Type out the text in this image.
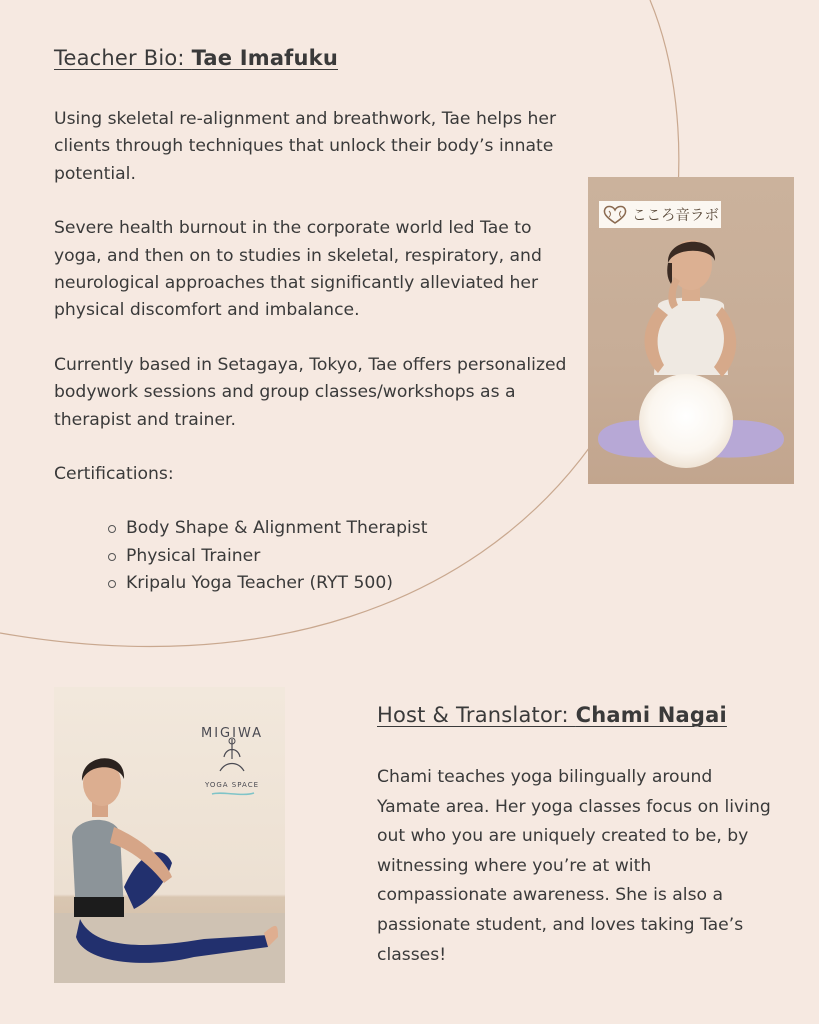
Teacher Bio: Tae Imafuku

Using skeletal re-alignment and breathwork, Tae helps her clients through techniques that unlock their body’s innate potential.

Severe health burnout in the corporate world led Tae to yoga, and then on to studies in skeletal, respiratory, and neurological approaches that significantly alleviated her physical discomfort and imbalance.

Currently based in Setagaya, Tokyo, Tae offers personalized bodywork sessions and group classes/workshops as a therapist and trainer.

Certifications:

Body Shape & Alignment Therapist
Physical Trainer
Kripalu Yoga Teacher (RYT 500)
こころ音ラボ
MIGIWA
YOGA SPACE
Host & Translator: Chami Nagai

Chami teaches yoga bilingually around Yamate area. Her yoga classes focus on living out who you are uniquely created to be, by witnessing where you’re at with compassionate awareness. She is also a passionate student, and loves taking Tae’s classes!
